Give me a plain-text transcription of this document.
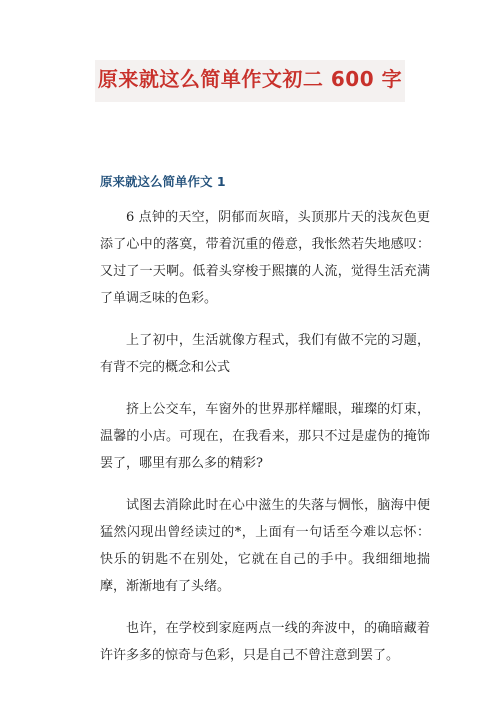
原来就这么简单作文初二 600 字
原来就这么简单作文 1

6 点钟的天空，阴郁而灰暗，头顶那片天的浅灰色更添了心中的落寞，带着沉重的倦意，我怅然若失地感叹：又过了一天啊。低着头穿梭于熙攘的人流，觉得生活充满了单调乏味的色彩。

上了初中，生活就像方程式，我们有做不完的习题，有背不完的概念和公式

挤上公交车，车窗外的世界那样耀眼，璀璨的灯束，温馨的小店。可现在，在我看来，那只不过是虚伪的掩饰罢了，哪里有那么多的精彩?

试图去消除此时在心中滋生的失落与惆怅，脑海中便猛然闪现出曾经读过的*，上面有一句话至今难以忘怀：快乐的钥匙不在别处，它就在自己的手中。我细细地揣摩，渐渐地有了头绪。

也许，在学校到家庭两点一线的奔波中，的确暗藏着许许多多的惊奇与色彩，只是自己不曾注意到罢了。
